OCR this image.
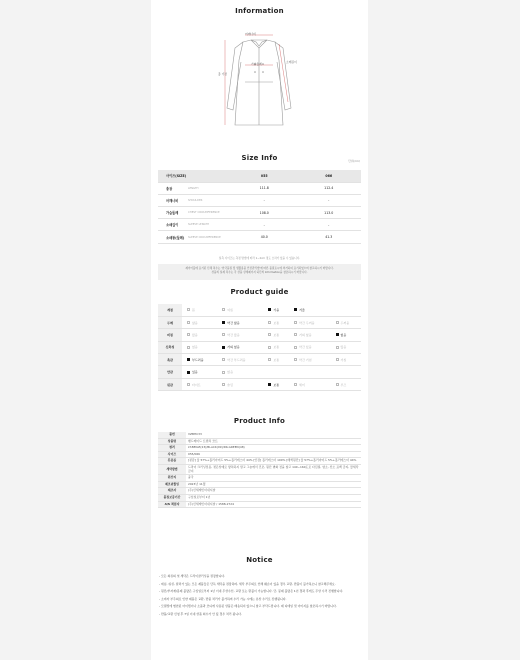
Information
어깨너비
가슴둘레	소매길이
총 기장
Size Info	단위(cm)
사이즈(SIZE)		055	066
총장	LENGTH	111.8	112.4
어깨너비	SHOULDER	-	-
가슴둘레	CHEST CIRCUMFERENCE	108.0	113.0
소매길이	SLEEVE LENGTH	-	-
소매통(둘레)	SLEEVE CIRCUMFERENCE	40.0	41.3
실측 사이즈는 측정 방법에 따라 1~2cm 정도 오차가 있을 수 있습니다.
제이어블에 표기된 신체 치수는 '한국품질 및 생활용품 안전관리법'에 따른 품질표시에 의거하여 표기되었으며 참고하시기 바랍니다.
상품의 실제 치수는 각 상품 상세페이지 하단의 Information을 참조하시기 바랍니다.
Product guide
계절	봄	여름	가을	겨울	
두께	얇음	약간 얇음	보통	약간 두꺼움	두꺼움
비침	많음	약간 많음	보통	거의 없음	없음
신축성	없음	거의 없음	보통	약간 있음	많음
촉감	부드러움	약간 부드러움	보통	약간 거침	거침
안감	있음	없음			
핏감	타이트	슬림	보통	세미	루즈
Product Info
품번	VZBHC33
상품명	핸드메이드 트렌치 코트
컬러	LT-BEIGE(23)/BLACK(99)/DK-GREEN(48)
사이즈	055/066
혼용률	[겉감] 울 57%+폴리아미드 5%+폴리에스터 44% [안감] 폴리에스터 100% [배색원단] 울 57%+폴리아미드 5%+폴리에스터 44%
세탁방법	드라이 크리닝전용, 젖은상태로 방치하지 말고 그늘에서 건조, 원단 변화 전을 참고 140~160도로 다림질, 염소, 산소 표백 금지, 물세탁 금지
원산지	중국
제조년월일	2023년 11월
제조자	(주)신세계인터내셔날
품질보증기간	구입일로부터 1년
A/S 책임자	(주)신세계인터내셔날 / 1588-2724
Notice
- 모든 의류의 첫 세탁은 드라이클리닝을 권장합니다.
- 데님, 워싱, 컬러가 있는 모든 제품들은 단독 세탁을 권장하며, 세탁 부주의로 인해 훼손이 있을 경우 교환, 반품이 불가하오니 참고해주세요.
- 원단/부자재/봉제 불량은 구입일로부터 1년 이내 무상수선, 교환 또는 환불이 가능합니다. 단, 봉제 불량은 1년 경과 후에도 무상 수리 진행합니다.
- 소비자 부주의로 인한 제품은 교환, 반품 처리가 불가하며 수리 가능 시에는 유상 수리로 진행됩니다.
- 모델컷에 협찬된 아이템이나 소품과 코디에 사용된 상품은 배송되지 않으니 참고 부탁드립니다. 제 디테일 컷 이미지를 참조하시기 바랍니다.
- 반품/교환 신청 후 7일 이내 상품 회수가 안 될 경우 처리 됩니다.
